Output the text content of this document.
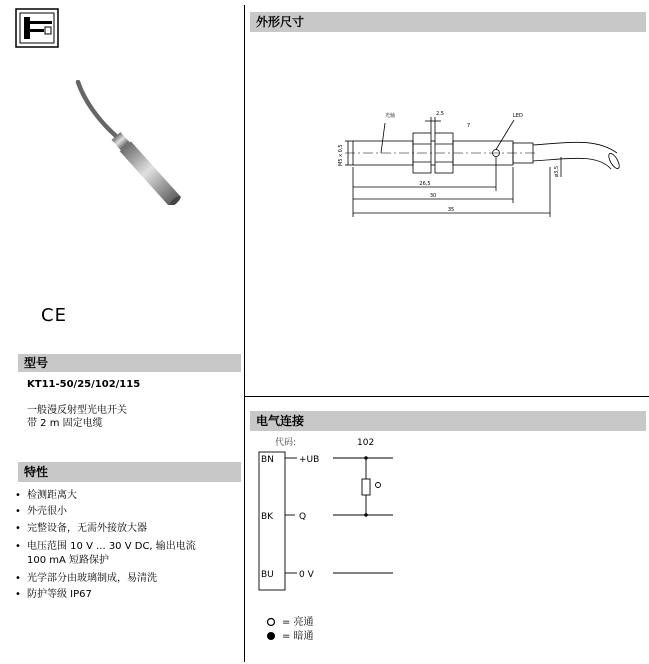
CE
型号
KT11-50/25/102/115
一般漫反射型光电开关
带 2 m 固定电缆
特性
• 检测距离大
• 外壳很小
• 完整设备，无需外接放大器
• 电压范围 10 V ... 30 V DC, 输出电流
100 mA 短路保护
• 光学部分由玻璃制成，易清洗
• 防护等级 IP67
外形尺寸
光轴	LED
2,5
7
26,5
30
35
M5 x 0,5
ø3,5
电气连接
代码:	102
BN
BK
BU
+UB
Q
0 V
= 亮通
= 暗通
